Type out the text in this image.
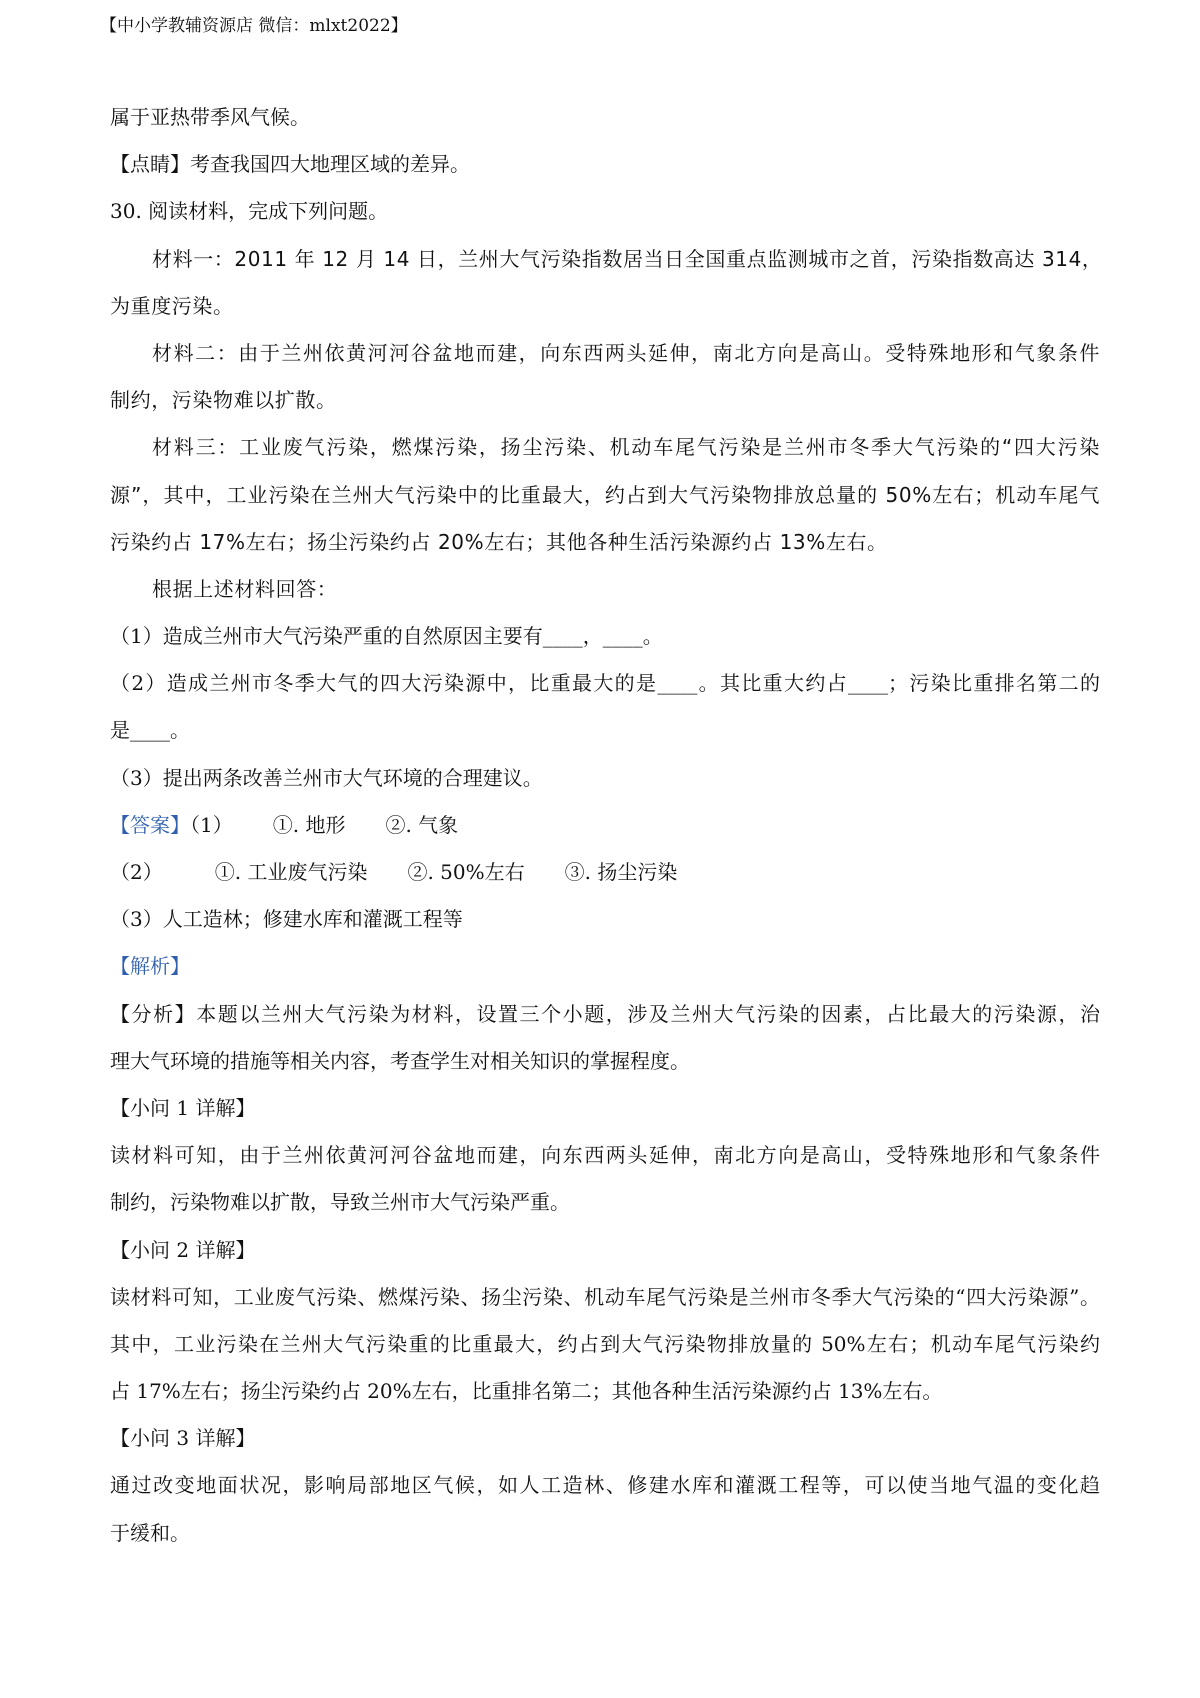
【中小学教辅资源店 微信：mlxt2022】
属于亚热带季风气候。
【点睛】考查我国四大地理区域的差异。
30. 阅读材料，完成下列问题。
材料一：2011 年 12 月 14 日，兰州大气污染指数居当日全国重点监测城市之首，污染指数高达 314，
为重度污染。
材料二：由于兰州依黄河河谷盆地而建，向东西两头延伸，南北方向是高山。受特殊地形和气象条件
制约，污染物难以扩散。
材料三：工业废气污染，燃煤污染，扬尘污染、机动车尾气污染是兰州市冬季大气污染的“四大污染
源”，其中，工业污染在兰州大气污染中的比重最大，约占到大气污染物排放总量的 50%左右；机动车尾气
污染约占 17%左右；扬尘污染约占 20%左右；其他各种生活污染源约占 13%左右。
根据上述材料回答：
（1）造成兰州市大气污染严重的自然原因主要有____，____。
（2）造成兰州市冬季大气的四大污染源中，比重最大的是____。其比重大约占____；污染比重排名第二的
是____。
（3）提出两条改善兰州市大气环境的合理建议。
【答案】（1） ①. 地形 ②. 气象
（2）	①. 工业废气污染 ②. 50%左右 ③. 扬尘污染
（3）人工造林；修建水库和灌溉工程等
【解析】
【分析】本题以兰州大气污染为材料，设置三个小题，涉及兰州大气污染的因素，占比最大的污染源，治
理大气环境的措施等相关内容，考查学生对相关知识的掌握程度。
【小问 1 详解】
读材料可知，由于兰州依黄河河谷盆地而建，向东西两头延伸，南北方向是高山，受特殊地形和气象条件
制约，污染物难以扩散，导致兰州市大气污染严重。
【小问 2 详解】
读材料可知，工业废气污染、燃煤污染、扬尘污染、机动车尾气污染是兰州市冬季大气污染的“四大污染源”。
其中，工业污染在兰州大气污染重的比重最大，约占到大气污染物排放量的 50%左右；机动车尾气污染约
占 17%左右；扬尘污染约占 20%左右，比重排名第二；其他各种生活污染源约占 13%左右。
【小问 3 详解】
通过改变地面状况，影响局部地区气候，如人工造林、修建水库和灌溉工程等，可以使当地气温的变化趋
于缓和。
